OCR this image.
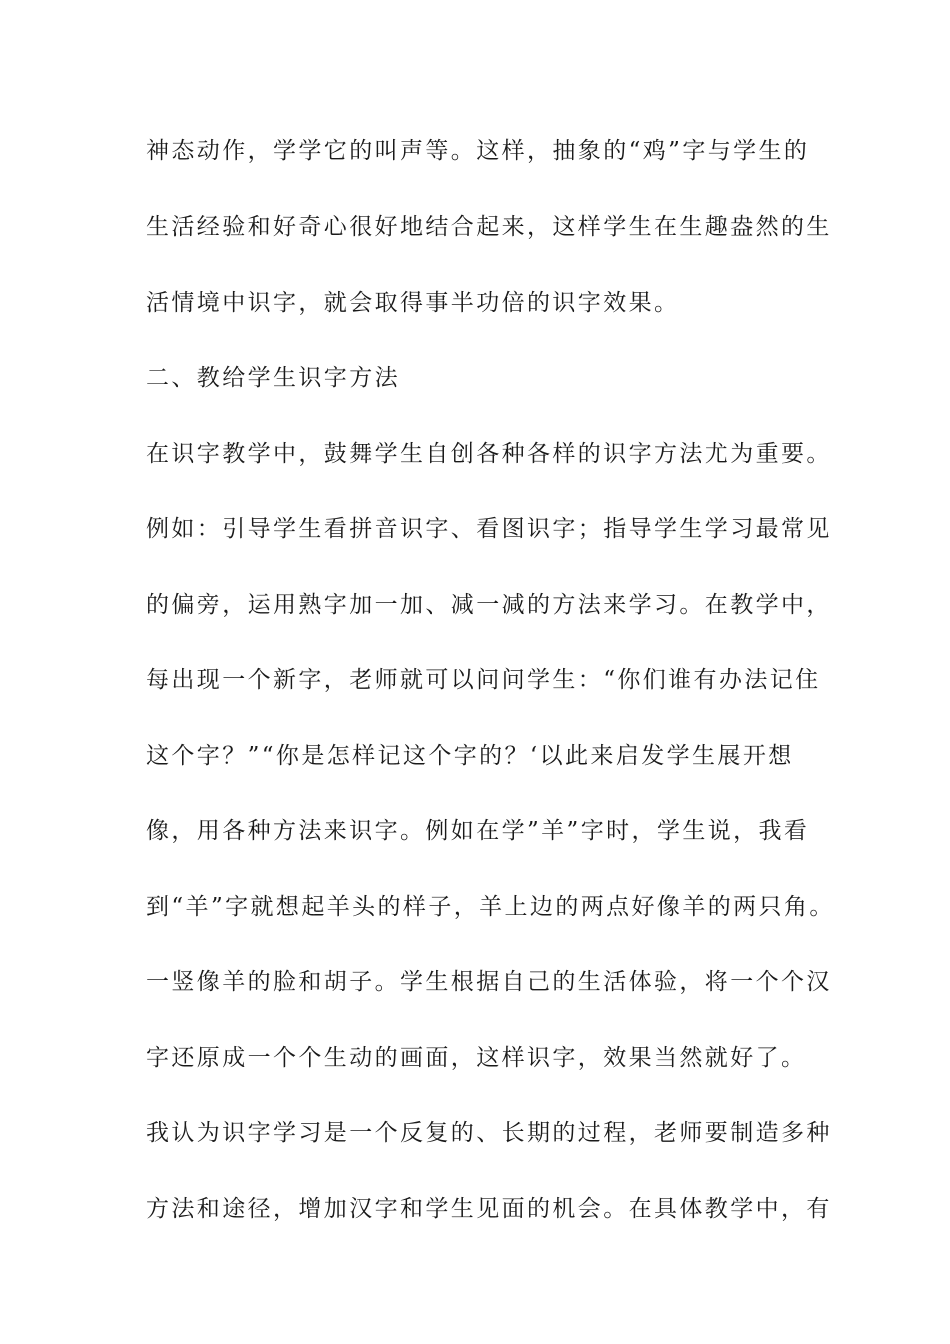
神态动作，学学它的叫声等。这样，抽象的“鸡”字与学生的
生活经验和好奇心很好地结合起来，这样学生在生趣盎然的生
活情境中识字，就会取得事半功倍的识字效果。
二、教给学生识字方法
在识字教学中，鼓舞学生自创各种各样的识字方法尤为重要。
例如：引导学生看拼音识字、看图识字；指导学生学习最常见
的偏旁，运用熟字加一加、减一减的方法来学习。在教学中，
每出现一个新字，老师就可以问问学生：“你们谁有办法记住
这个字？”“你是怎样记这个字的？‘以此来启发学生展开想
像，用各种方法来识字。例如在学”羊”字时，学生说，我看
到“羊”字就想起羊头的样子，羊上边的两点好像羊的两只角。
一竖像羊的脸和胡子。学生根据自己的生活体验，将一个个汉
字还原成一个个生动的画面，这样识字，效果当然就好了。
我认为识字学习是一个反复的、长期的过程，老师要制造多种
方法和途径，增加汉字和学生见面的机会。在具体教学中，有
